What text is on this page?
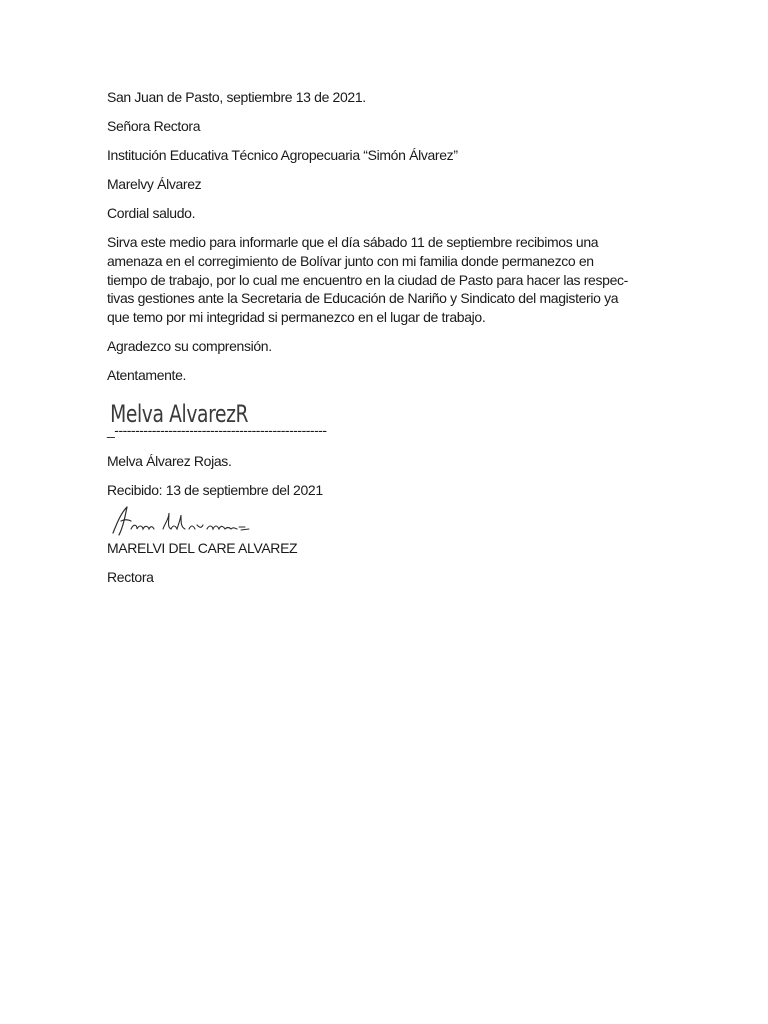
San Juan de Pasto, septiembre 13 de 2021.

Señora Rectora

Institución Educativa Técnico Agropecuaria “Simón Álvarez”

Marelvy Álvarez

Cordial saludo.

Sirva este medio para informarle que el día sábado 11 de septiembre recibimos una
amenaza en el corregimiento de Bolívar junto con mi familia donde permanezco en
tiempo de trabajo, por lo cual me encuentro en la ciudad de Pasto para hacer las respec-
tivas gestiones ante la Secretaria de Educación de Nariño y Sindicato del magisterio ya
que temo por mi integridad si permanezco en el lugar de trabajo.

Agradezco su comprensión.

Atentamente.

Melva AlvarezR
_---------------------------------------------------

Melva Álvarez Rojas.

Recibido: 13 de septiembre del 2021

MARELVI DEL CARE ALVAREZ

Rectora
